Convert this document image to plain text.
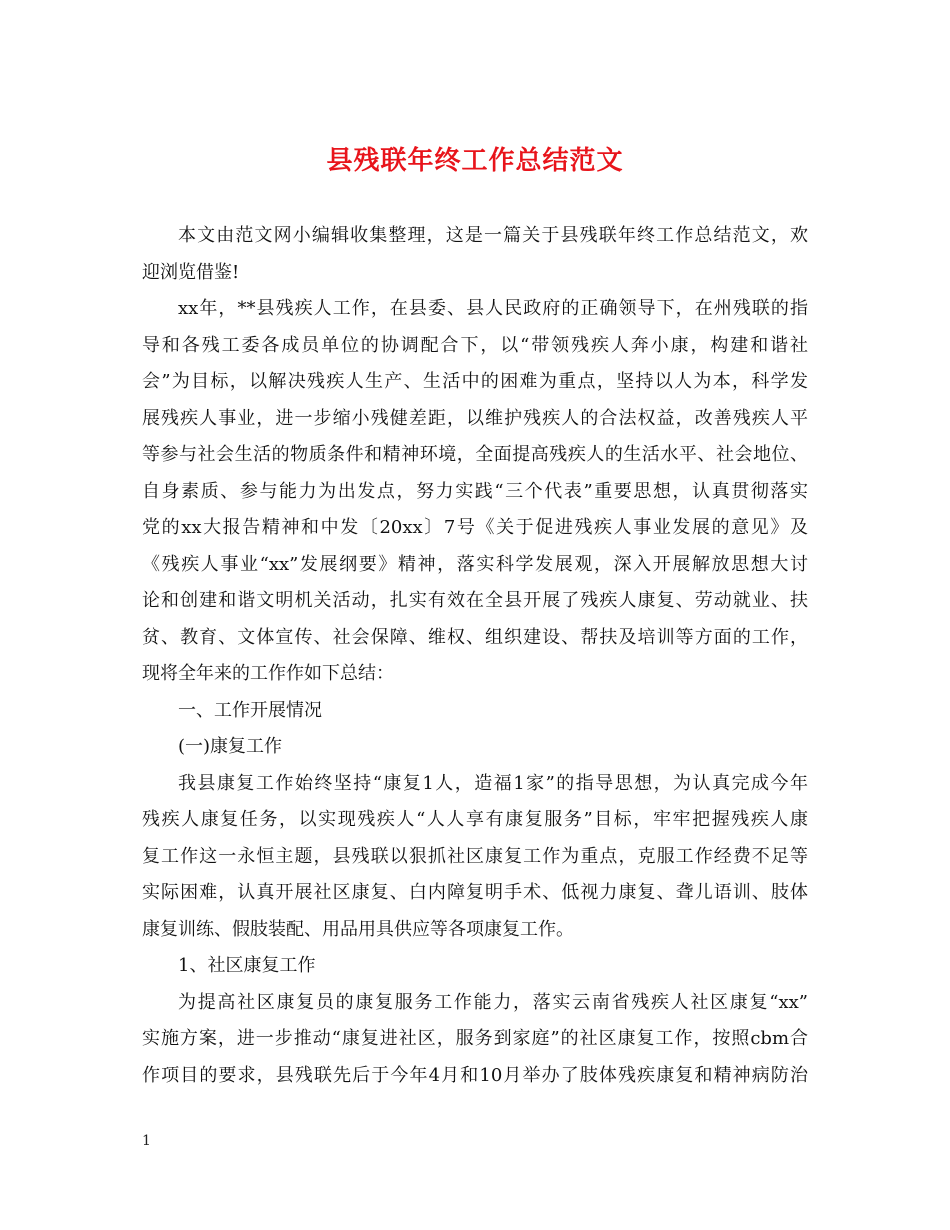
县残联年终工作总结范文
本文由范文网小编辑收集整理，这是一篇关于县残联年终工作总结范文，欢
迎浏览借鉴!
xx年，**县残疾人工作，在县委、县人民政府的正确领导下，在州残联的指
导和各残工委各成员单位的协调配合下，以“带领残疾人奔小康，构建和谐社
会”为目标，以解决残疾人生产、生活中的困难为重点，坚持以人为本，科学发
展残疾人事业，进一步缩小残健差距，以维护残疾人的合法权益，改善残疾人平
等参与社会生活的物质条件和精神环境，全面提高残疾人的生活水平、社会地位、
自身素质、参与能力为出发点，努力实践“三个代表”重要思想，认真贯彻落实
党的xx大报告精神和中发〔20xx〕7号《关于促进残疾人事业发展的意见》及
《残疾人事业“xx”发展纲要》精神，落实科学发展观，深入开展解放思想大讨
论和创建和谐文明机关活动，扎实有效在全县开展了残疾人康复、劳动就业、扶
贫、教育、文体宣传、社会保障、维权、组织建设、帮扶及培训等方面的工作，
现将全年来的工作作如下总结：
一、工作开展情况
(一)康复工作
我县康复工作始终坚持“康复1人，造福1家”的指导思想，为认真完成今年
残疾人康复任务，以实现残疾人“人人享有康复服务”目标，牢牢把握残疾人康
复工作这一永恒主题，县残联以狠抓社区康复工作为重点，克服工作经费不足等
实际困难，认真开展社区康复、白内障复明手术、低视力康复、聋儿语训、肢体
康复训练、假肢装配、用品用具供应等各项康复工作。
1、社区康复工作
为提高社区康复员的康复服务工作能力，落实云南省残疾人社区康复“xx”
实施方案，进一步推动“康复进社区，服务到家庭”的社区康复工作，按照cbm合
作项目的要求，县残联先后于今年4月和10月举办了肢体残疾康复和精神病防治
1
